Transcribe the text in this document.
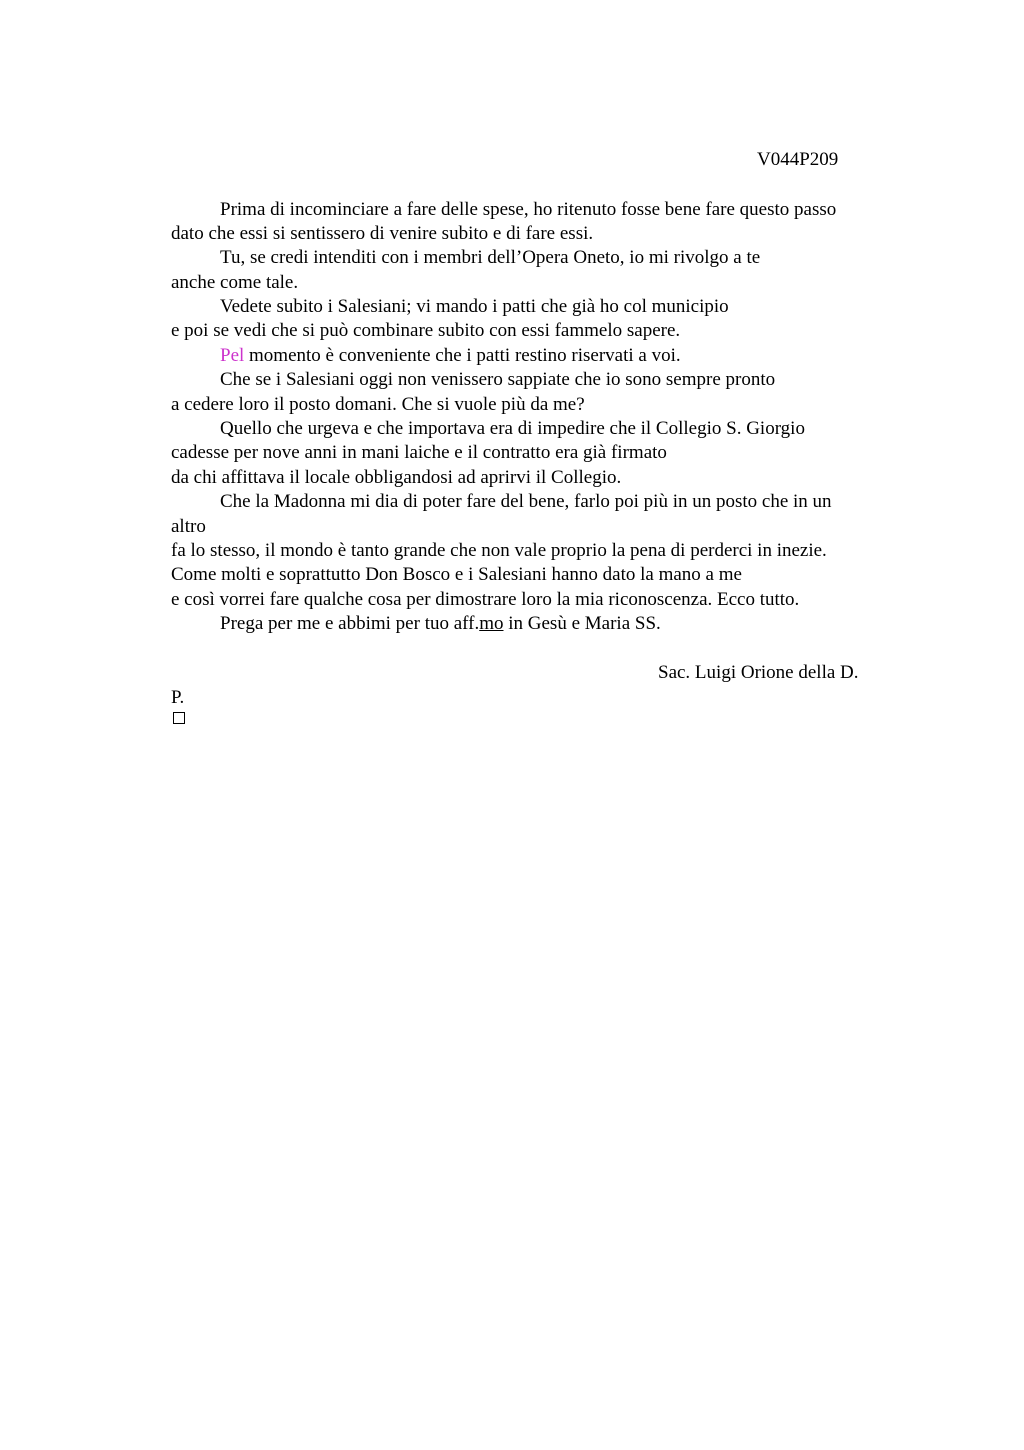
V044P209
Prima di incominciare a fare delle spese, ho ritenuto fosse bene fare questo passo
dato che essi si sentissero di venire subito e di fare essi.
Tu, se credi intenditi con i membri dell’Opera Oneto, io mi rivolgo a te
anche come tale.
Vedete subito i Salesiani; vi mando i patti che già ho col municipio
e poi se vedi che si può combinare subito con essi fammelo sapere.
Pel momento è conveniente che i patti restino riservati a voi.
Che se i Salesiani oggi non venissero sappiate che io sono sempre pronto
a cedere loro il posto domani. Che si vuole più da me?
Quello che urgeva e che importava era di impedire che il Collegio S. Giorgio
cadesse per nove anni in mani laiche e il contratto era già firmato
da chi affittava il locale obbligandosi ad aprirvi il Collegio.
Che la Madonna mi dia di poter fare del bene, farlo poi più in un posto che in un
altro
fa lo stesso, il mondo è tanto grande che non vale proprio la pena di perderci in inezie.
Come molti e soprattutto Don Bosco e i Salesiani hanno dato la mano a me
e così vorrei fare qualche cosa per dimostrare loro la mia riconoscenza. Ecco tutto.
Prega per me e abbimi per tuo aff.mo in Gesù e Maria SS.
Sac. Luigi Orione della D.
P.
